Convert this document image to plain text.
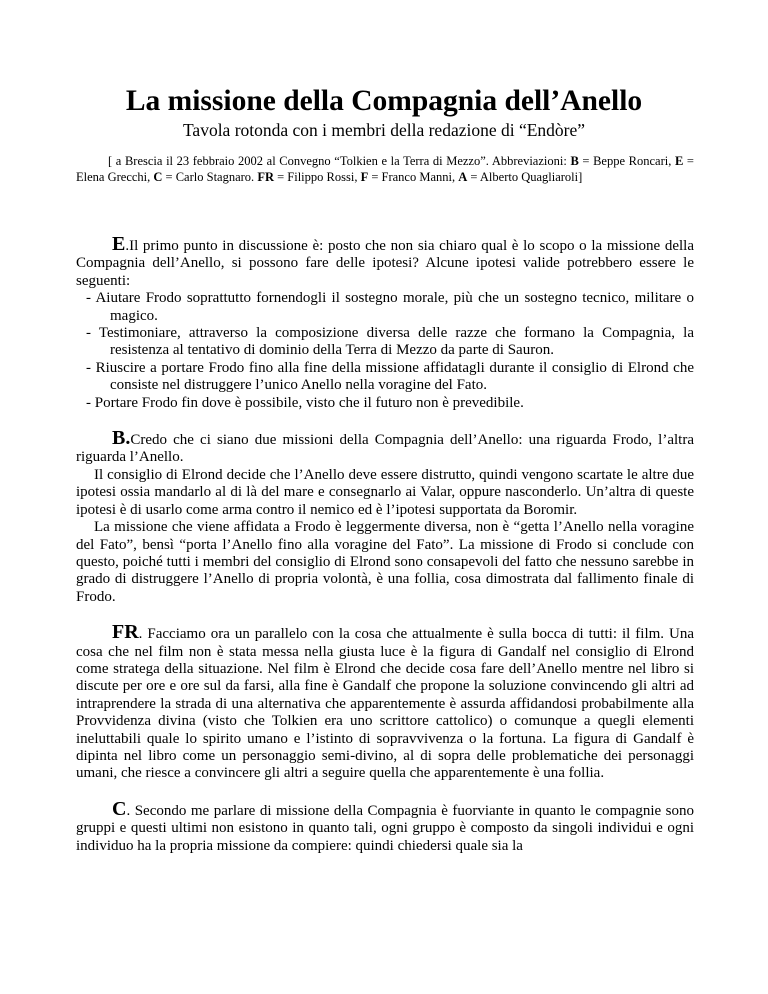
La missione della Compagnia dell’Anello
Tavola rotonda con i membri della redazione di “Endòre”
[ a Brescia il 23 febbraio 2002 al Convegno “Tolkien e la Terra di Mezzo”. Abbreviazioni: B = Beppe Roncari, E = Elena Grecchi, C = Carlo Stagnaro. FR = Filippo Rossi, F = Franco Manni, A = Alberto Quagliaroli]

E.Il primo punto in discussione è: posto che non sia chiaro qual è lo scopo o la missione della Compagnia dell’Anello, si possono fare delle ipotesi? Alcune ipotesi valide potrebbero essere le seguenti:

- Aiutare Frodo soprattutto fornendogli il sostegno morale, più che un sostegno tecnico, militare o magico.
- Testimoniare, attraverso la composizione diversa delle razze che formano la Compagnia, la resistenza al tentativo di dominio della Terra di Mezzo da parte di Sauron.
- Riuscire a portare Frodo fino alla fine della missione affidatagli durante il consiglio di Elrond che consiste nel distruggere l’unico Anello nella voragine del Fato.
- Portare Frodo fin dove è possibile, visto che il futuro non è prevedibile.

B.Credo che ci siano due missioni della Compagnia dell’Anello: una riguarda Frodo, l’altra riguarda l’Anello.

Il consiglio di Elrond decide che l’Anello deve essere distrutto, quindi vengono scartate le altre due ipotesi ossia mandarlo al di là del mare e consegnarlo ai Valar, oppure nasconderlo. Un’altra di queste ipotesi è di usarlo come arma contro il nemico ed è l’ipotesi supportata da Boromir.

La missione che viene affidata a Frodo è leggermente diversa, non è “getta l’Anello nella voragine del Fato”, bensì “porta l’Anello fino alla voragine del Fato”. La missione di Frodo si conclude con questo, poiché tutti i membri del consiglio di Elrond sono consapevoli del fatto che nessuno sarebbe in grado di distruggere l’Anello di propria volontà, è una follia, cosa dimostrata dal fallimento finale di Frodo.

FR. Facciamo ora un parallelo con la cosa che attualmente è sulla bocca di tutti: il film. Una cosa che nel film non è stata messa nella giusta luce è la figura di Gandalf nel consiglio di Elrond come stratega della situazione. Nel film è Elrond che decide cosa fare dell’Anello mentre nel libro si discute per ore e ore sul da farsi, alla fine è Gandalf che propone la soluzione convincendo gli altri ad intraprendere la strada di una alternativa che apparentemente è assurda affidandosi probabilmente alla Provvidenza divina (visto che Tolkien era uno scrittore cattolico) o comunque a quegli elementi ineluttabili quale lo spirito umano e l’istinto di sopravvivenza o la fortuna. La figura di Gandalf è dipinta nel libro come un personaggio semi-divino, al di sopra delle problematiche dei personaggi umani, che riesce a convincere gli altri a seguire quella che apparentemente è una follia.

C. Secondo me parlare di missione della Compagnia è fuorviante in quanto le compagnie sono gruppi e questi ultimi non esistono in quanto tali, ogni gruppo è composto da singoli individui e ogni individuo ha la propria missione da compiere: quindi chiedersi quale sia la
